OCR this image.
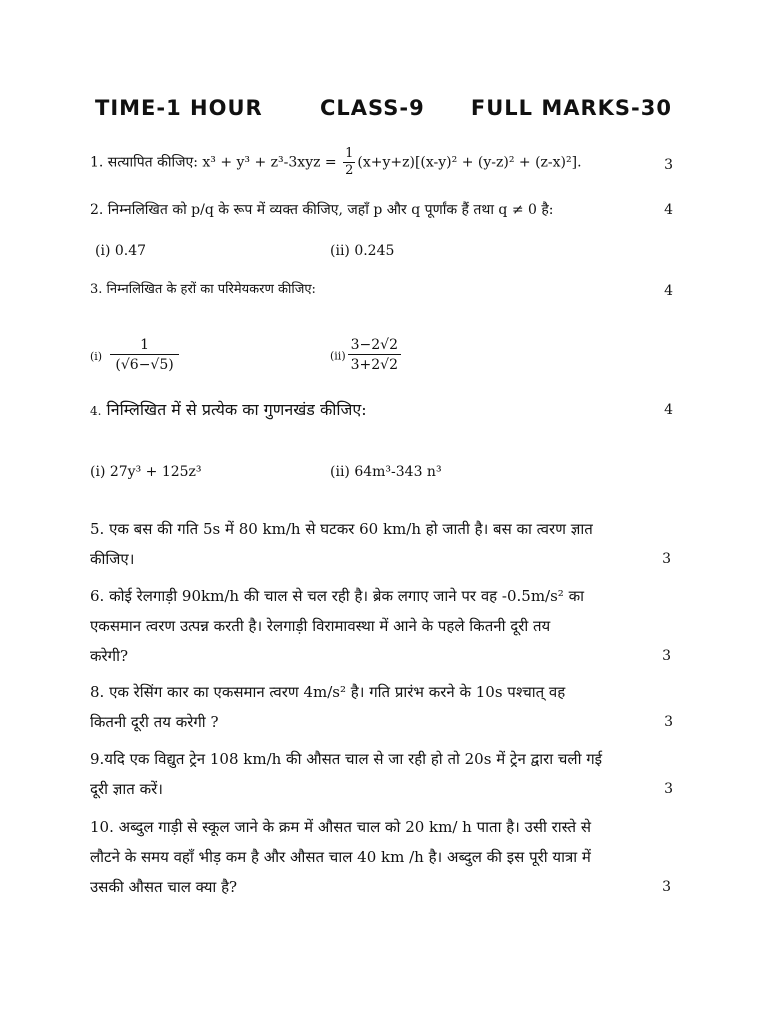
TIME-1 HOUR	CLASS-9 FULL MARKS-30
1. सत्यापित कीजिए: $x^3 + y^3 + z^3-3xyz = \frac{1}{2} (x+y+z)[(x-y)^2 + (y-z)^2 + (z-x)^2]$.	3
2. निम्नलिखित को p/q के रूप में व्यक्त कीजिए, जहाँ p और q पूर्णांक हैं तथा q ≠ 0 है:	4
(i) 0.47	(ii) 0.245
3. निम्नलिखित के हरों का परिमेयकरण कीजिए:	4
$(i) \frac{1}{(√6-√5)}$	$(ii) \frac{3-2√2}{3+2√2}$
4. निम्लिखित में से प्रत्येक का गुणनखंड कीजिए:	4
(i) 27y³ + 125z³	(ii) 64m³-343 n³
5. एक बस की गति 5s में 80 km/h से घटकर 60 km/h हो जाती है। बस का त्वरण ज्ञात
कीजिए।	3
6. कोई रेलगाड़ी 90km/h की चाल से चल रही है। ब्रेक लगाए जाने पर वह -0.5m/s² का
एकसमान त्वरण उत्पन्न करती है। रेलगाड़ी विरामावस्था में आने के पहले कितनी दूरी तय
करेगी?	3
8. एक रेसिंग कार का एकसमान त्वरण 4m/s² है। गति प्रारंभ करने के 10s पश्चात् वह
कितनी दूरी तय करेगी ?	3
9.यदि एक विद्युत ट्रेन 108 km/h की औसत चाल से जा रही हो तो 20s में ट्रेन द्वारा चली गई
दूरी ज्ञात करें।	3
10. अब्दुल गाड़ी से स्कूल जाने के क्रम में औसत चाल को 20 km/ h पाता है। उसी रास्ते से
लौटने के समय वहाँ भीड़ कम है और औसत चाल 40 km /h है। अब्दुल की इस पूरी यात्रा में
उसकी औसत चाल क्या है?	3
